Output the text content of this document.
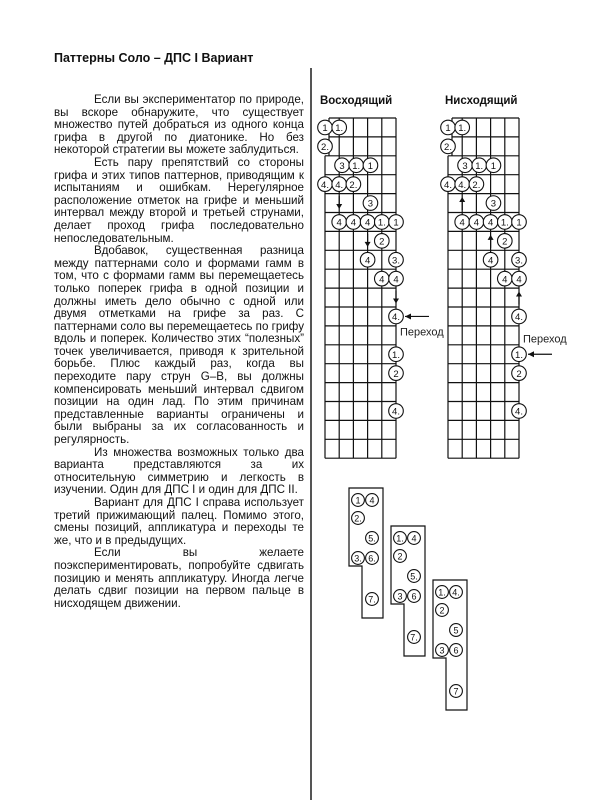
Паттерны Соло – ДПС I Вариант

Если вы экспериментатор по природе, вы вскоре обнаружите, что существует множество путей добраться из одного конца грифа в другой по диатонике. Но без некоторой стратегии вы можете заблудиться.

Есть пару препятствий со стороны грифа и этих типов паттернов, приводящим к испытаниям и ошибкам. Нерегулярное расположение отметок на грифе и меньший интервал между второй и третьей струнами, делает проход грифа последовательно непоследовательным.

Вдобавок, существенная разница между паттернами соло и формами гамм в том, что с формами гамм вы перемещаетесь только поперек грифа в одной позиции и должны иметь дело обычно с одной или двумя отметками на грифе за раз. С паттернами соло вы перемещаетесь по грифу вдоль и поперек. Количество этих “полезных” точек увеличивается, приводя к зрительной борьбе. Плюс каждый раз, когда вы переходите пару струн G–B, вы должны компенсировать меньший интервал сдвигом позиции на один лад. По этим причинам представленные варианты ограничены и были выбраны за их согласованность и регулярность.

Из множества возможных только два варианта представляются за их относительную симметрию и легкость в изучении. Один для ДПС I и один для ДПС II.

Вариант для ДПС I справа использует третий прижимающий палец. Помимо этого, смены позиций, аппликатура и переходы те же, что и в предыдущих.

Если вы желаете поэкспериментировать, попробуйте сдвигать позицию и менять аппликатуру. Иногда легче делать сдвиг позиции на первом пальце в нисходящем движении.

Восходящий	Нисходящий
1 1.
2.
3 1. 1
4. 4. 2.
3
4 4 4 1. 1
2
4 3.
4 4
4.
1.
2
4.
Переход
1 1.
2.
3 1. 1
4. 4. 2.
3
4 4 4 1. 1
2
4 3.
4 4
4.
1.
2
4.
Переход
1 4
2.
5.
3. 6.
7.
1. 4
2
5.
3 6
7.
1. 4.
2
5
3 6
7
